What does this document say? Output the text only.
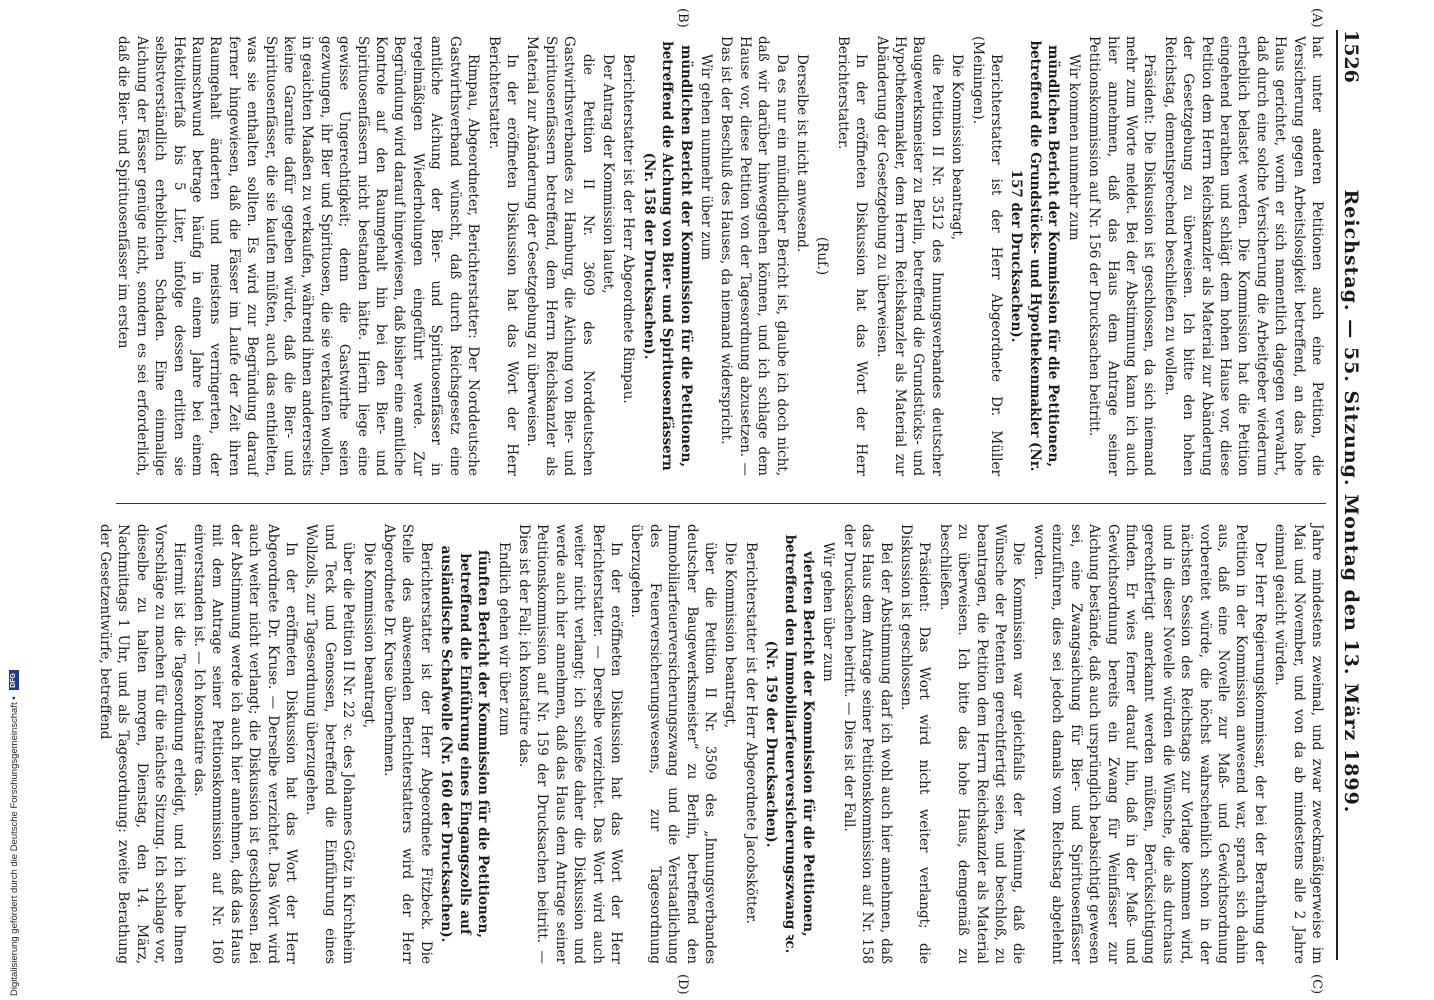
1526
Reichstag. — 55. Sitzung. Montag den 13. März 1899.
(A)
(B)
(C)
(D)

hat unter anderen Petitionen auch eine Petition, die Versicherung gegen Arbeitslosigkeit betreffend, an das hohe Haus gerichtet, worin er sich namentlich dagegen verwahrt, daß durch eine solche Versicherung die Arbeitgeber wiederum erheblich belastet werden. Die Kommission hat die Petition eingehend berathen und schlägt dem hohen Hause vor, diese Petition dem Herrn Reichskanzler als Material zur Abänderung der Gesetzgebung zu überweisen. Ich bitte den hohen Reichstag, dementsprechend beschließen zu wollen.

Präsident: Die Diskussion ist geschlossen, da sich niemand mehr zum Worte meldet. Bei der Abstimmung kann ich auch hier annehmen, daß das Haus dem Antrage seiner Petitionskommission auf Nr. 156 der Drucksachen beitritt.

Wir kommen nunmehr zum

mündlichen Bericht der Kommission für die Petitionen, betreffend die Grundstücks- und Hypothekenmakler (Nr. 157 der Drucksachen).

Berichterstatter ist der Herr Abgeordnete Dr. Müller (Meiningen).

Die Kommission beantragt,

die Petition II Nr. 3512 des Innungsverbandes deutscher Baugewerksmeister zu Berlin, betreffend die Grundstücks- und Hypothekenmakler, dem Herrn Reichskanzler als Material zur Abänderung der Gesetzgebung zu überweisen.

In der eröffneten Diskussion hat das Wort der Herr Berichterstatter.

(Ruf.)

Derselbe ist nicht anwesend.

Da es nur ein mündlicher Bericht ist, glaube ich doch nicht, daß wir darüber hinweggehen können, und ich schlage dem Hause vor, diese Petition von der Tagesordnung abzusetzen. — Das ist der Beschluß des Hauses, da niemand widerspricht.

Wir gehen nunmehr über zum

mündlichen Bericht der Kommission für die Petitionen, betreffend die Aichung von Bier- und Spirituosenfässern (Nr. 158 der Drucksachen).

Berichterstatter ist der Herr Abgeordnete Rimpau.

Der Antrag der Kommission lautet,

die Petition II Nr. 3609 des Norddeutschen Gastwirthsverbandes zu Hamburg, die Aichung von Bier- und Spirituosenfässern betreffend, dem Herrn Reichskanzler als Material zur Abänderung der Gesetzgebung zu überweisen.

In der eröffneten Diskussion hat das Wort der Herr Berichterstatter.

Rimpau, Abgeordneter, Berichterstatter: Der Norddeutsche Gastwirthsverband wünscht, daß durch Reichsgesetz eine amtliche Aichung der Bier- und Spirituosenfässer in regelmäßigen Wiederholungen eingeführt werde. Zur Begründung wird darauf hingewiesen, daß bisher eine amtliche Kontrole auf den Raumgehalt hin bei den Bier- und Spirituosenfässern nicht bestanden hätte. Hierin liege eine gewisse Ungerechtigkeit; denn die Gastwirthe seien gezwungen, ihr Bier und Spirituosen, die sie verkaufen wollen, in geaichten Maaßen zu verkaufen, während ihnen andererseits keine Garantie dafür gegeben würde, daß die Bier- und Spirituosenfässer, die sie kaufen müßten, auch das enthielten, was sie enthalten sollten. Es wird zur Begründung darauf ferner hingewiesen, daß die Fässer im Laufe der Zeit ihren Raumgehalt änderten und meistens verringerten, der Raumschwund betrage häufig in einem Jahre bei einem Hektoliterfaß bis 5 Liter, infolge dessen erlitten sie selbstverständlich erheblichen Schaden. Eine einmalige Aichung der Fässer genüge nicht, sondern es sei erforderlich, daß die Bier- und Spirituosenfässer im ersten

Jahre mindestens zweimal, und zwar zweckmäßigerweise im Mai und November, und von da ab mindestens alle 2 Jahre einmal geaicht würden.

Der Herr Regierungskommissar, der bei der Berathung der Petition in der Kommission anwesend war, sprach sich dahin aus, daß eine Novelle zur Maß- und Gewichtsordnung vorbereitet würde, die höchst wahrscheinlich schon in der nächsten Session des Reichstags zur Vorlage kommen wird, und in dieser Novelle würden die Wünsche, die als durchaus gerechtfertigt anerkannt werden müßten, Berücksichtigung finden. Er wies ferner darauf hin, daß in der Maß- und Gewichtsordnung bereits ein Zwang für Weinfässer zur Aichung bestände, daß auch ursprünglich beabsichtigt gewesen sei, eine Zwangsaichung für Bier- und Spirituosenfässer einzuführen, dies sei jedoch damals vom Reichstag abgelehnt worden.

Die Kommission war gleichfalls der Meinung, daß die Wünsche der Petenten gerechtfertigt seien, und beschloß, zu beantragen, die Petition dem Herrn Reichskanzler als Material zu überweisen. Ich bitte das hohe Haus, demgemäß zu beschließen.

Präsident: Das Wort wird nicht weiter verlangt; die Diskussion ist geschlossen.

Bei der Abstimmung darf ich wohl auch hier annehmen, daß das Haus dem Antrage seiner Petitionskommission auf Nr. 158 der Drucksachen beitritt. — Dies ist der Fall.

Wir gehen über zum

vierten Bericht der Kommission für die Petitionen, betreffend den Immobiliarfeuerversicherungszwang ꝛc. (Nr. 159 der Drucksachen).

Berichterstatter ist der Herr Abgeordnete Jacobskötter.

Die Kommission beantragt,

über die Petition II Nr. 3509 des „Innungsverbandes deutscher Baugewerksmeister“ zu Berlin, betreffend den Immobiliarfeuerversicherungszwang und die Verstaatlichung des Feuerversicherungswesens, zur Tagesordnung überzugehen.

In der eröffneten Diskussion hat das Wort der Herr Berichterstatter. — Derselbe verzichtet. Das Wort wird auch weiter nicht verlangt; ich schließe daher die Diskussion und werde auch hier annehmen, daß das Haus dem Antrage seiner Petitionskommission auf Nr. 159 der Drucksachen beitritt. — Dies ist der Fall; ich konstatire das.

Endlich gehen wir über zum

fünften Bericht der Kommission für die Petitionen, betreffend die Einführung eines Eingangszolls auf ausländische Schafwolle (Nr. 160 der Drucksachen).

Berichterstatter ist der Herr Abgeordnete Fitzbeck. Die Stelle des abwesenden Berichterstatters wird der Herr Abgeordnete Dr. Kruse übernehmen.

Die Kommission beantragt,

über die Petition II Nr. 22 ꝛc. des Johannes Götz in Kirchheim und Teck und Genossen, betreffend die Einführung eines Wollzolls, zur Tagesordnung überzugehen.

In der eröffneten Diskussion hat das Wort der Herr Abgeordnete Dr. Kruse. — Derselbe verzichtet. Das Wort wird auch weiter nicht verlangt; die Diskussion ist geschlossen. Bei der Abstimmung werde ich auch hier annehmen, daß das Haus mit dem Antrage seiner Petitionskommission auf Nr. 160 einverstanden ist. — Ich konstatire das.

Hiermit ist die Tagesordnung erledigt, und ich habe Ihnen Vorschläge zu machen für die nächste Sitzung. Ich schlage vor, dieselbe zu halten morgen, Dienstag, den 14. März, Nachmittags 1 Uhr, und als Tagesordnung: zweite Berathung der Gesetzentwürfe, betreffend

Digitalisierung gefördert durch die Deutsche Forschungsgemeinschaft •
DFG
